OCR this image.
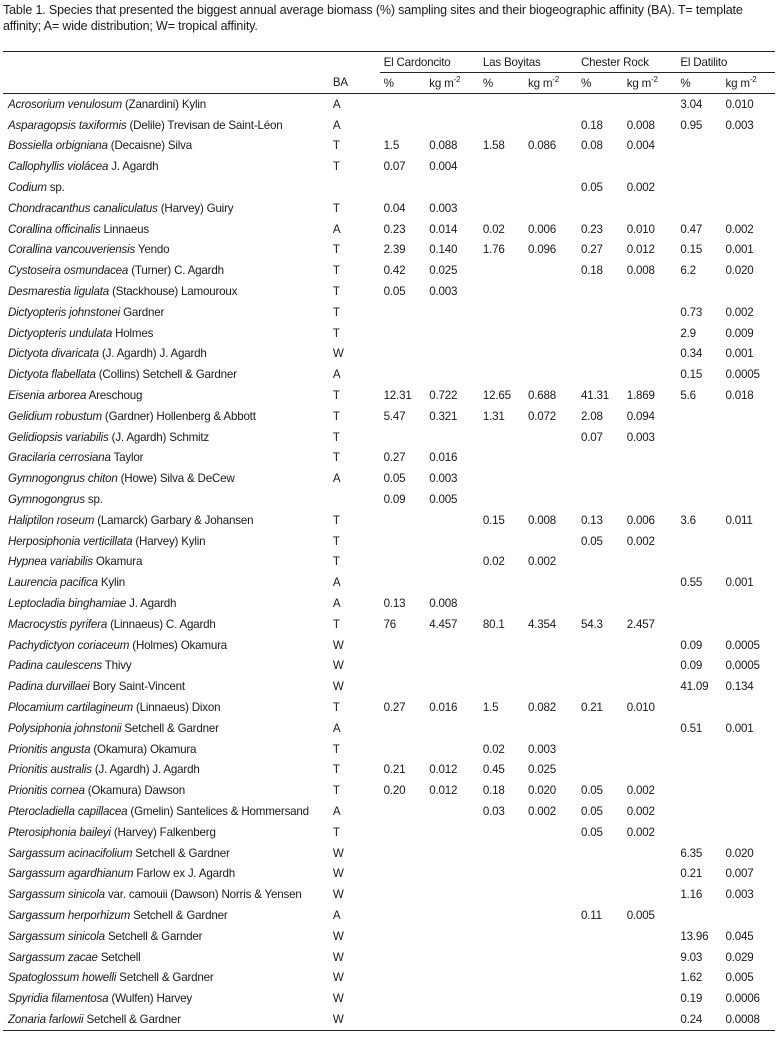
Table 1. Species that presented the biggest annual average biomass (%) sampling sites and their biogeographic affinity (BA). T= template affinity; A= wide distribution; W= tropical affinity.
		El Cardoncito		Las Boyitas		Chester Rock		El Datilito	
	BA	%	kg $m^{-2}$	%	kg $m^{-2}$	%	kg $m^{-2}$	%	kg $m^{-2}$
Acrosorium venulosum (Zanardini) Kylin	A							3.04	0.010
Asparagopsis taxiformis (Delile) Trevisan de Saint-Léon	A					0.18	0.008	0.95	0.003
Bossiella orbigniana (Decaisne) Silva	T	1.5	0.088	1.58	0.086	0.08	0.004		
Callophyllis violácea J. Agardh	T	0.07	0.004						
Codium sp.						0.05	0.002		
Chondracanthus canaliculatus (Harvey) Guiry	T	0.04	0.003						
Corallina officinalis Linnaeus	A	0.23	0.014	0.02	0.006	0.23	0.010	0.47	0.002
Corallina vancouveriensis Yendo	T	2.39	0.140	1.76	0.096	0.27	0.012	0.15	0.001
Cystoseira osmundacea (Turner) C. Agardh	T	0.42	0.025			0.18	0.008	6.2	0.020
Desmarestia ligulata (Stackhouse) Lamouroux	T	0.05	0.003						
Dictyopteris johnstonei Gardner	T							0.73	0.002
Dictyopteris undulata Holmes	T							2.9	0.009
Dictyota divaricata (J. Agardh) J. Agardh	W							0.34	0.001
Dictyota flabellata (Collins) Setchell & Gardner	A							0.15	0.0005
Eisenia arborea Areschoug	T	12.31	0.722	12.65	0.688	41.31	1.869	5.6	0.018
Gelidium robustum (Gardner) Hollenberg & Abbott	T	5.47	0.321	1.31	0.072	2.08	0.094		
Gelidiopsis variabilis (J. Agardh) Schmitz	T					0.07	0.003		
Gracilaria cerrosiana Taylor	T	0.27	0.016						
Gymnogongrus chiton (Howe) Silva & DeCew	A	0.05	0.003						
Gymnogongrus sp.		0.09	0.005						
Haliptilon roseum (Lamarck) Garbary & Johansen	T			0.15	0.008	0.13	0.006	3.6	0.011
Herposiphonia verticillata (Harvey) Kylin	T					0.05	0.002		
Hypnea variabilis Okamura	T			0.02	0.002				
Laurencia pacifica Kylin	A							0.55	0.001
Leptocladia binghamiae J. Agardh	A	0.13	0.008						
Macrocystis pyrifera (Linnaeus) C. Agardh	T	76	4.457	80.1	4.354	54.3	2.457		
Pachydictyon coriaceum (Holmes) Okamura	W							0.09	0.0005
Padina caulescens Thivy	W							0.09	0.0005
Padina durvillaei Bory Saint-Vincent	W							41.09	0.134
Plocamium cartilagineum (Linnaeus) Dixon	T	0.27	0.016	1.5	0.082	0.21	0.010		
Polysiphonia johnstonii Setchell & Gardner	A							0.51	0.001
Prionitis angusta (Okamura) Okamura	T			0.02	0.003				
Prionitis australis (J. Agardh) J. Agardh	T	0.21	0.012	0.45	0.025				
Prionitis cornea (Okamura) Dawson	T	0.20	0.012	0.18	0.020	0.05	0.002		
Pterocladiella capillacea (Gmelin) Santelices & Hommersand	A			0.03	0.002	0.05	0.002		
Pterosiphonia baileyi (Harvey) Falkenberg	T					0.05	0.002		
Sargassum acinacifolium Setchell & Gardner	W							6.35	0.020
Sargassum agardhianum Farlow ex J. Agardh	W							0.21	0.007
Sargassum sinicola var. camouii (Dawson) Norris & Yensen	W							1.16	0.003
Sargassum herporhizum Setchell & Gardner	A					0.11	0.005		
Sargassum sinicola Setchell & Garnder	W							13.96	0.045
Sargassum zacae Setchell	W							9.03	0.029
Spatoglossum howelli Setchell & Gardner	W							1.62	0.005
Spyridia filamentosa (Wulfen) Harvey	W							0.19	0.0006
Zonaria farlowii Setchell & Gardner	W							0.24	0.0008
